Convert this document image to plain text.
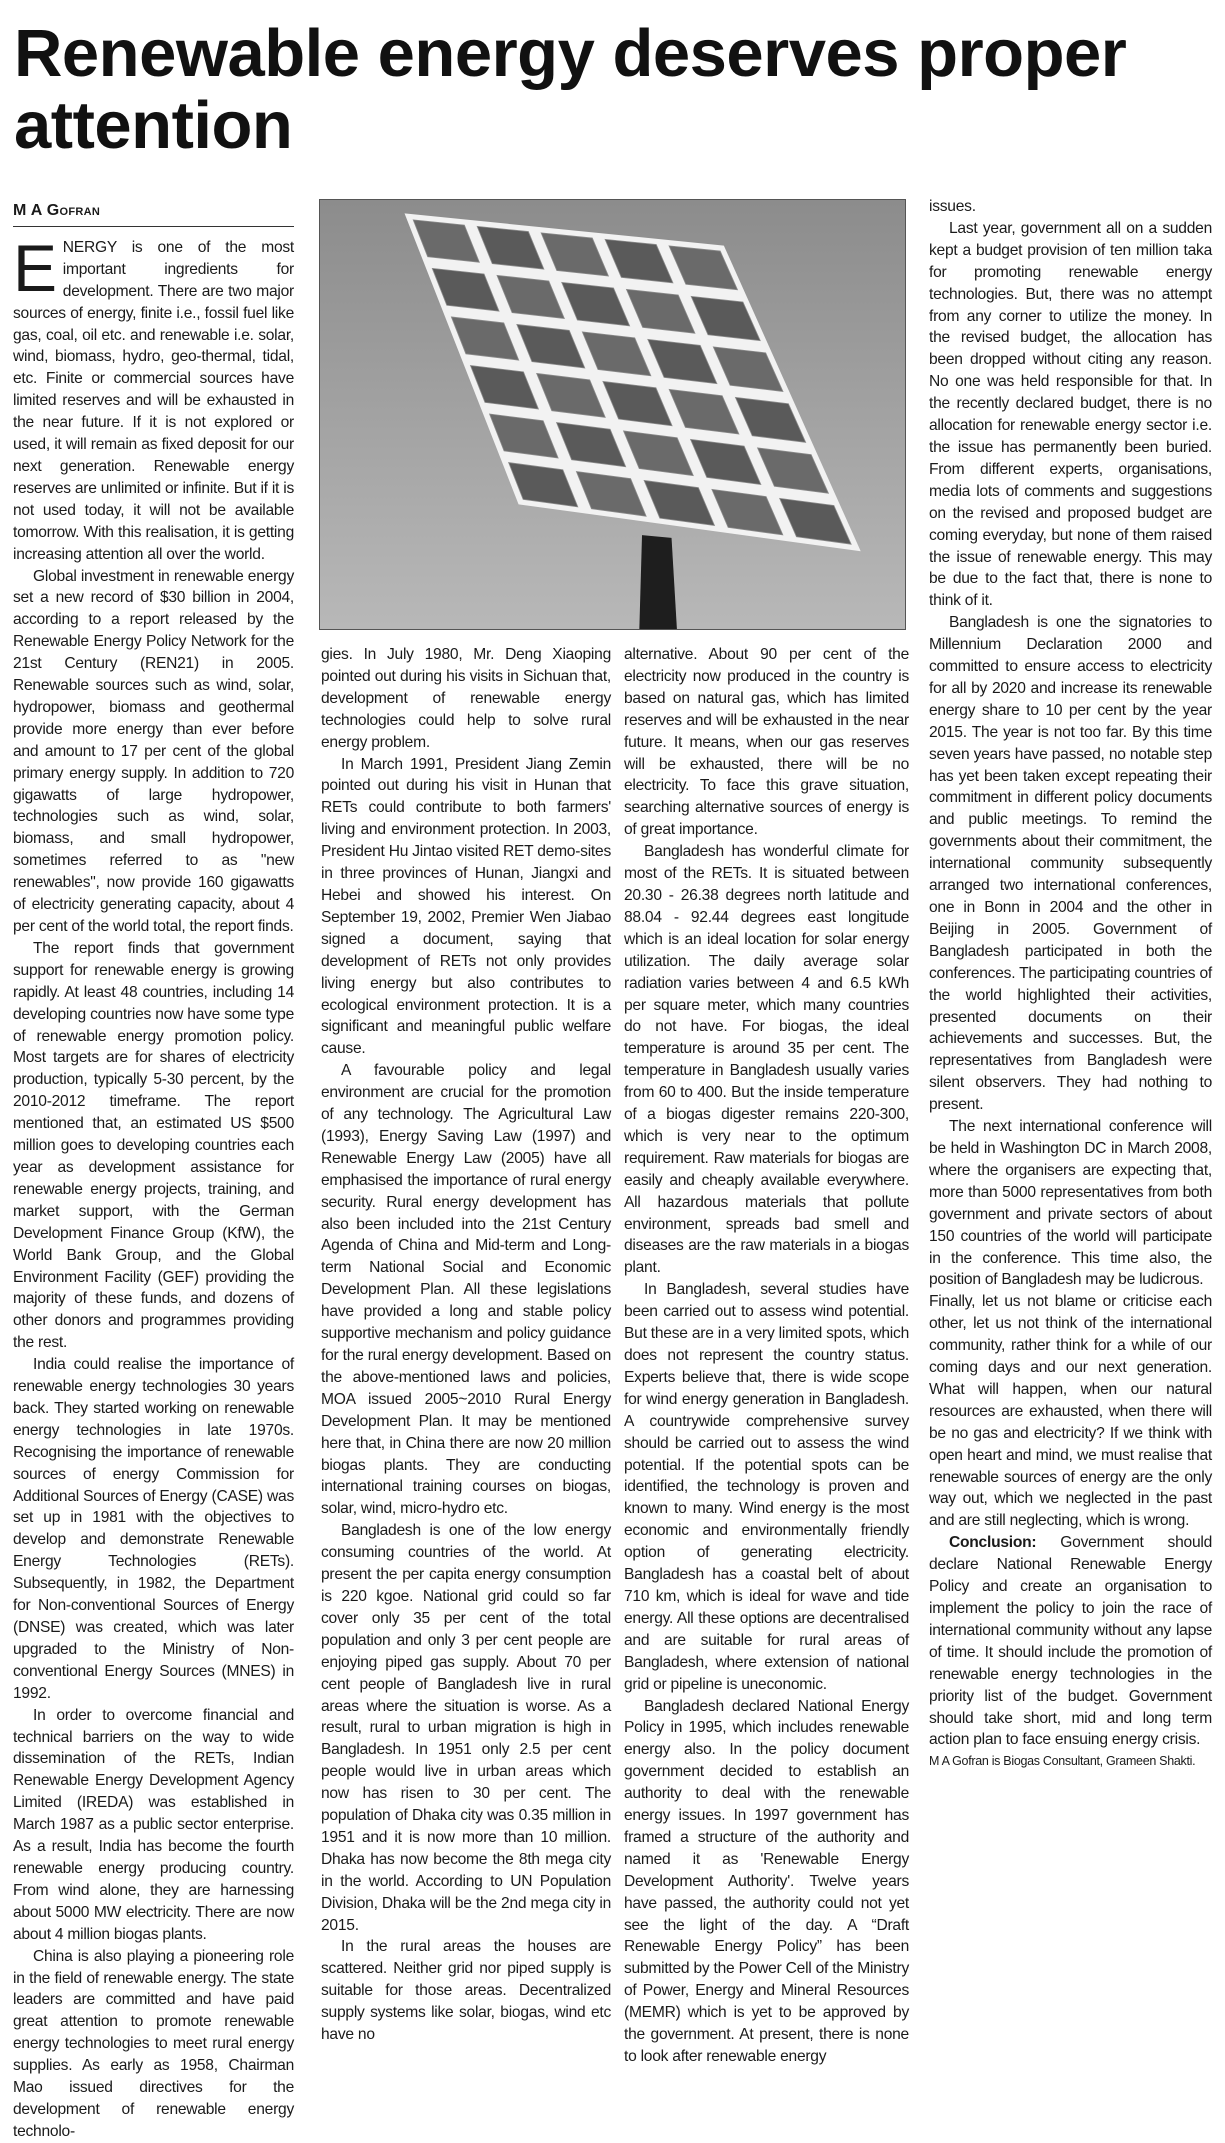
Renewable energy deserves proper attention
M A Gofran

ENERGY is one of the most important ingredients for development. There are two major sources of energy, finite i.e., fossil fuel like gas, coal, oil etc. and renewable i.e. solar, wind, biomass, hydro, geo-thermal, tidal, etc. Finite or commercial sources have limited reserves and will be exhausted in the near future. If it is not explored or used, it will remain as fixed deposit for our next generation. Renewable energy reserves are unlimited or infinite. But if it is not used today, it will not be available tomorrow. With this realisation, it is getting increasing attention all over the world.

Global investment in renewable energy set a new record of $30 billion in 2004, according to a report released by the Renewable Energy Policy Network for the 21st Century (REN21) in 2005. Renewable sources such as wind, solar, hydropower, biomass and geothermal provide more energy than ever before and amount to 17 per cent of the global primary energy supply. In addition to 720 gigawatts of large hydropower, technologies such as wind, solar, biomass, and small hydropower, sometimes referred to as "new renewables", now provide 160 gigawatts of electricity generating capacity, about 4 per cent of the world total, the report finds.

The report finds that government support for renewable energy is growing rapidly. At least 48 countries, including 14 developing countries now have some type of renewable energy promotion policy. Most targets are for shares of electricity production, typically 5-30 percent, by the 2010-2012 timeframe. The report mentioned that, an estimated US $500 million goes to developing countries each year as development assistance for renewable energy projects, training, and market support, with the German Development Finance Group (KfW), the World Bank Group, and the Global Environment Facility (GEF) providing the majority of these funds, and dozens of other donors and programmes providing the rest.

India could realise the importance of renewable energy technologies 30 years back. They started working on renewable energy technologies in late 1970s. Recognising the importance of renewable sources of energy Commission for Additional Sources of Energy (CASE) was set up in 1981 with the objectives to develop and demonstrate Renewable Energy Technologies (RETs). Subsequently, in 1982, the Department for Non-conventional Sources of Energy (DNSE) was created, which was later upgraded to the Ministry of Non-conventional Energy Sources (MNES) in 1992.

In order to overcome financial and technical barriers on the way to wide dissemination of the RETs, Indian Renewable Energy Development Agency Limited (IREDA) was established in March 1987 as a public sector enterprise. As a result, India has become the fourth renewable energy producing country. From wind alone, they are harnessing about 5000 MW electricity. There are now about 4 million biogas plants.

China is also playing a pioneering role in the field of renewable energy. The state leaders are committed and have paid great attention to promote renewable energy technologies to meet rural energy supplies. As early as 1958, Chairman Mao issued directives for the development of renewable energy technolo-

gies. In July 1980, Mr. Deng Xiaoping pointed out during his visits in Sichuan that, development of renewable energy technologies could help to solve rural energy problem.

In March 1991, President Jiang Zemin pointed out during his visit in Hunan that RETs could contribute to both farmers' living and environment protection. In 2003, President Hu Jintao visited RET demo-sites in three provinces of Hunan, Jiangxi and Hebei and showed his interest. On September 19, 2002, Premier Wen Jiabao signed a document, saying that development of RETs not only provides living energy but also contributes to ecological environment protection. It is a significant and meaningful public welfare cause.

A favourable policy and legal environment are crucial for the promotion of any technology. The Agricultural Law (1993), Energy Saving Law (1997) and Renewable Energy Law (2005) have all emphasised the importance of rural energy security. Rural energy development has also been included into the 21st Century Agenda of China and Mid-term and Long-term National Social and Economic Development Plan. All these legislations have provided a long and stable policy supportive mechanism and policy guidance for the rural energy development. Based on the above-mentioned laws and policies, MOA issued 2005~2010 Rural Energy Development Plan. It may be mentioned here that, in China there are now 20 million biogas plants. They are conducting international training courses on biogas, solar, wind, micro-hydro etc.

Bangladesh is one of the low energy consuming countries of the world. At present the per capita energy consumption is 220 kgoe. National grid could so far cover only 35 per cent of the total population and only 3 per cent people are enjoying piped gas supply. About 70 per cent people of Bangladesh live in rural areas where the situation is worse. As a result, rural to urban migration is high in Bangladesh. In 1951 only 2.5 per cent people would live in urban areas which now has risen to 30 per cent. The population of Dhaka city was 0.35 million in 1951 and it is now more than 10 million. Dhaka has now become the 8th mega city in the world. According to UN Population Division, Dhaka will be the 2nd mega city in 2015.

In the rural areas the houses are scattered. Neither grid nor piped supply is suitable for those areas. Decentralized supply systems like solar, biogas, wind etc have no

alternative. About 90 per cent of the electricity now produced in the country is based on natural gas, which has limited reserves and will be exhausted in the near future. It means, when our gas reserves will be exhausted, there will be no electricity. To face this grave situation, searching alternative sources of energy is of great importance.

Bangladesh has wonderful climate for most of the RETs. It is situated between 20.30 - 26.38 degrees north latitude and 88.04 - 92.44 degrees east longitude which is an ideal location for solar energy utilization. The daily average solar radiation varies between 4 and 6.5 kWh per square meter, which many countries do not have. For biogas, the ideal temperature is around 35 per cent. The temperature in Bangladesh usually varies from 60 to 400. But the inside temperature of a biogas digester remains 220-300, which is very near to the optimum requirement. Raw materials for biogas are easily and cheaply available everywhere. All hazardous materials that pollute environment, spreads bad smell and diseases are the raw materials in a biogas plant.

In Bangladesh, several studies have been carried out to assess wind potential. But these are in a very limited spots, which does not represent the country status. Experts believe that, there is wide scope for wind energy generation in Bangladesh. A countrywide comprehensive survey should be carried out to assess the wind potential. If the potential spots can be identified, the technology is proven and known to many. Wind energy is the most economic and environmentally friendly option of generating electricity. Bangladesh has a coastal belt of about 710 km, which is ideal for wave and tide energy. All these options are decentralised and are suitable for rural areas of Bangladesh, where extension of national grid or pipeline is uneconomic.

Bangladesh declared National Energy Policy in 1995, which includes renewable energy also. In the policy document government decided to establish an authority to deal with the renewable energy issues. In 1997 government has framed a structure of the authority and named it as 'Renewable Energy Development Authority'. Twelve years have passed, the authority could not yet see the light of the day. A “Draft Renewable Energy Policy” has been submitted by the Power Cell of the Ministry of Power, Energy and Mineral Resources (MEMR) which is yet to be approved by the government. At present, there is none to look after renewable energy

issues.

Last year, government all on a sudden kept a budget provision of ten million taka for promoting renewable energy technologies. But, there was no attempt from any corner to utilize the money. In the revised budget, the allocation has been dropped without citing any reason. No one was held responsible for that. In the recently declared budget, there is no allocation for renewable energy sector i.e. the issue has permanently been buried. From different experts, organisations, media lots of comments and suggestions on the revised and proposed budget are coming everyday, but none of them raised the issue of renewable energy. This may be due to the fact that, there is none to think of it.

Bangladesh is one the signatories to Millennium Declaration 2000 and committed to ensure access to electricity for all by 2020 and increase its renewable energy share to 10 per cent by the year 2015. The year is not too far. By this time seven years have passed, no notable step has yet been taken except repeating their commitment in different policy documents and public meetings. To remind the governments about their commitment, the international community subsequently arranged two international conferences, one in Bonn in 2004 and the other in Beijing in 2005. Government of Bangladesh participated in both the conferences. The participating countries of the world highlighted their activities, presented documents on their achievements and successes. But, the representatives from Bangladesh were silent observers. They had nothing to present.

The next international conference will be held in Washington DC in March 2008, where the organisers are expecting that, more than 5000 representatives from both government and private sectors of about 150 countries of the world will participate in the conference. This time also, the position of Bangladesh may be ludicrous.

Finally, let us not blame or criticise each other, let us not think of the international community, rather think for a while of our coming days and our next generation. What will happen, when our natural resources are exhausted, when there will be no gas and electricity? If we think with open heart and mind, we must realise that renewable sources of energy are the only way out, which we neglected in the past and are still neglecting, which is wrong.

Conclusion: Government should declare National Renewable Energy Policy and create an organisation to implement the policy to join the race of international community without any lapse of time. It should include the promotion of renewable energy technologies in the priority list of the budget. Government should take short, mid and long term action plan to face ensuing energy crisis.

M A Gofran is Biogas Consultant, Grameen Shakti.
